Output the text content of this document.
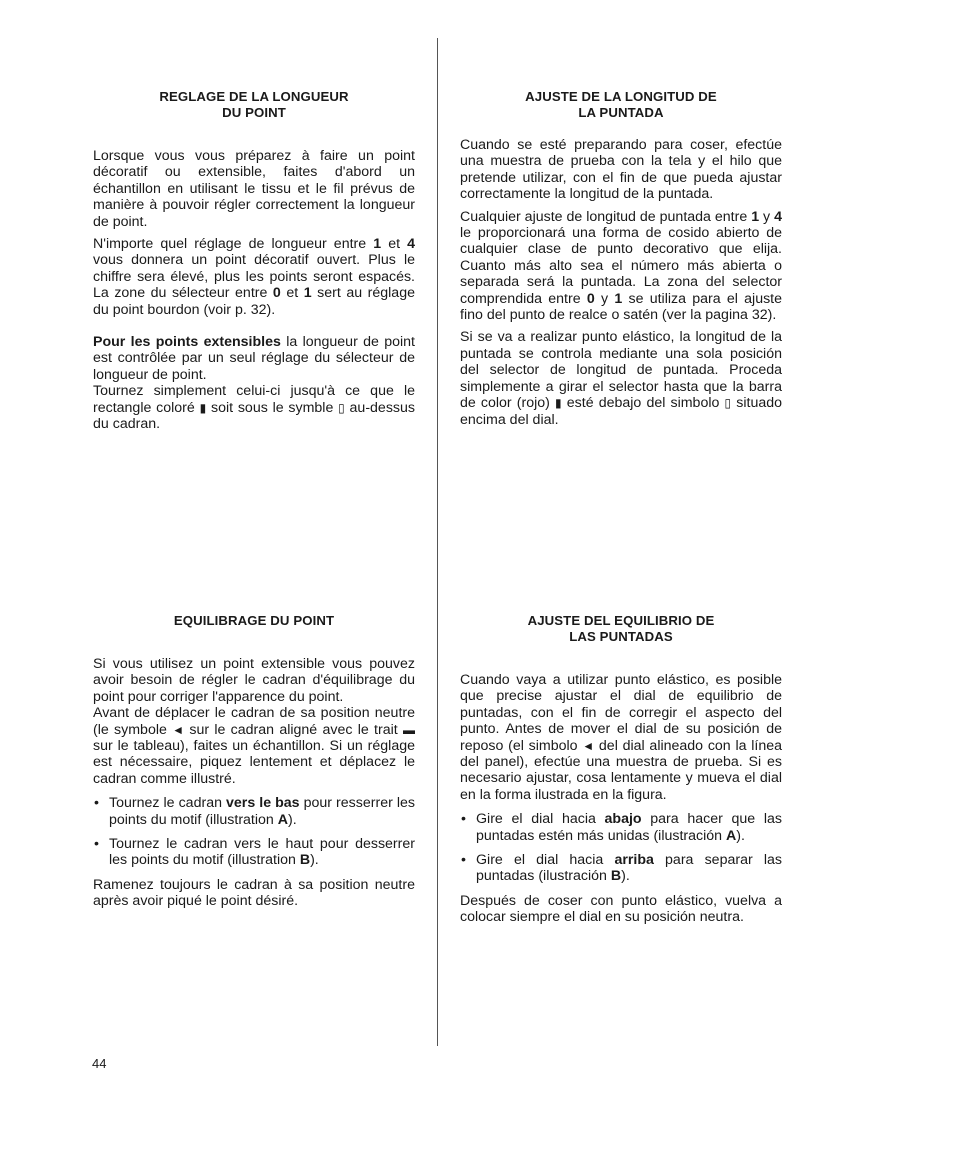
REGLAGE DE LA LONGUEUR
DU POINT

Lorsque vous vous préparez à faire un point décoratif ou extensible, faites d'abord un échantillon en utilisant le tissu et le fil prévus de manière à pouvoir régler correctement la longueur de point.

N'importe quel réglage de longueur entre 1 et 4 vous donnera un point décoratif ouvert. Plus le chiffre sera élevé, plus les points seront espacés. La zone du sélecteur entre 0 et 1 sert au réglage du point bourdon (voir p. 32).

Pour les points extensibles la longueur de point est contrôlée par un seul réglage du sélecteur de longueur de point.

Tournez simplement celui-ci jusqu'à ce que le rectangle coloré ▮ soit sous le symble ▯ au-dessus du cadran.

AJUSTE DE LA LONGITUD DE
LA PUNTADA

Cuando se esté preparando para coser, efectúe una muestra de prueba con la tela y el hilo que pretende utilizar, con el fin de que pueda ajustar correctamente la longitud de la puntada.

Cualquier ajuste de longitud de puntada entre 1 y 4 le proporcionará una forma de cosido abierto de cualquier clase de punto decorativo que elija. Cuanto más alto sea el número más abierta o separada será la puntada. La zona del selector comprendida entre 0 y 1 se utiliza para el ajuste fino del punto de realce o satén (ver la pagina 32).

Si se va a realizar punto elástico, la longitud de la puntada se controla mediante una sola posición del selector de longitud de puntada. Proceda simplemente a girar el selector hasta que la barra de color (rojo) ▮ esté debajo del simbolo ▯ situado encima del dial.

EQUILIBRAGE DU POINT

Si vous utilisez un point extensible vous pouvez avoir besoin de régler le cadran d'équilibrage du point pour corriger l'apparence du point.

Avant de déplacer le cadran de sa position neutre (le symbole ◄ sur le cadran aligné avec le trait ▬ sur le tableau), faites un échantillon. Si un réglage est nécessaire, piquez lentement et déplacez le cadran comme illustré.

• Tournez le cadran vers le bas pour resserrer les points du motif (illustration A).
• Tournez le cadran vers le haut pour desserrer les points du motif (illustration B).

Ramenez toujours le cadran à sa position neutre après avoir piqué le point désiré.

AJUSTE DEL EQUILIBRIO DE
LAS PUNTADAS

Cuando vaya a utilizar punto elástico, es posible que precise ajustar el dial de equilibrio de puntadas, con el fin de corregir el aspecto del punto. Antes de mover el dial de su posición de reposo (el simbolo ◄ del dial alineado con la línea del panel), efectúe una muestra de prueba. Si es necesario ajustar, cosa lentamente y mueva el dial en la forma ilustrada en la figura.

• Gire el dial hacia abajo para hacer que las puntadas estén más unidas (ilustración A).
• Gire el dial hacia arriba para separar las puntadas (ilustración B).

Después de coser con punto elástico, vuelva a colocar siempre el dial en su posición neutra.

44
